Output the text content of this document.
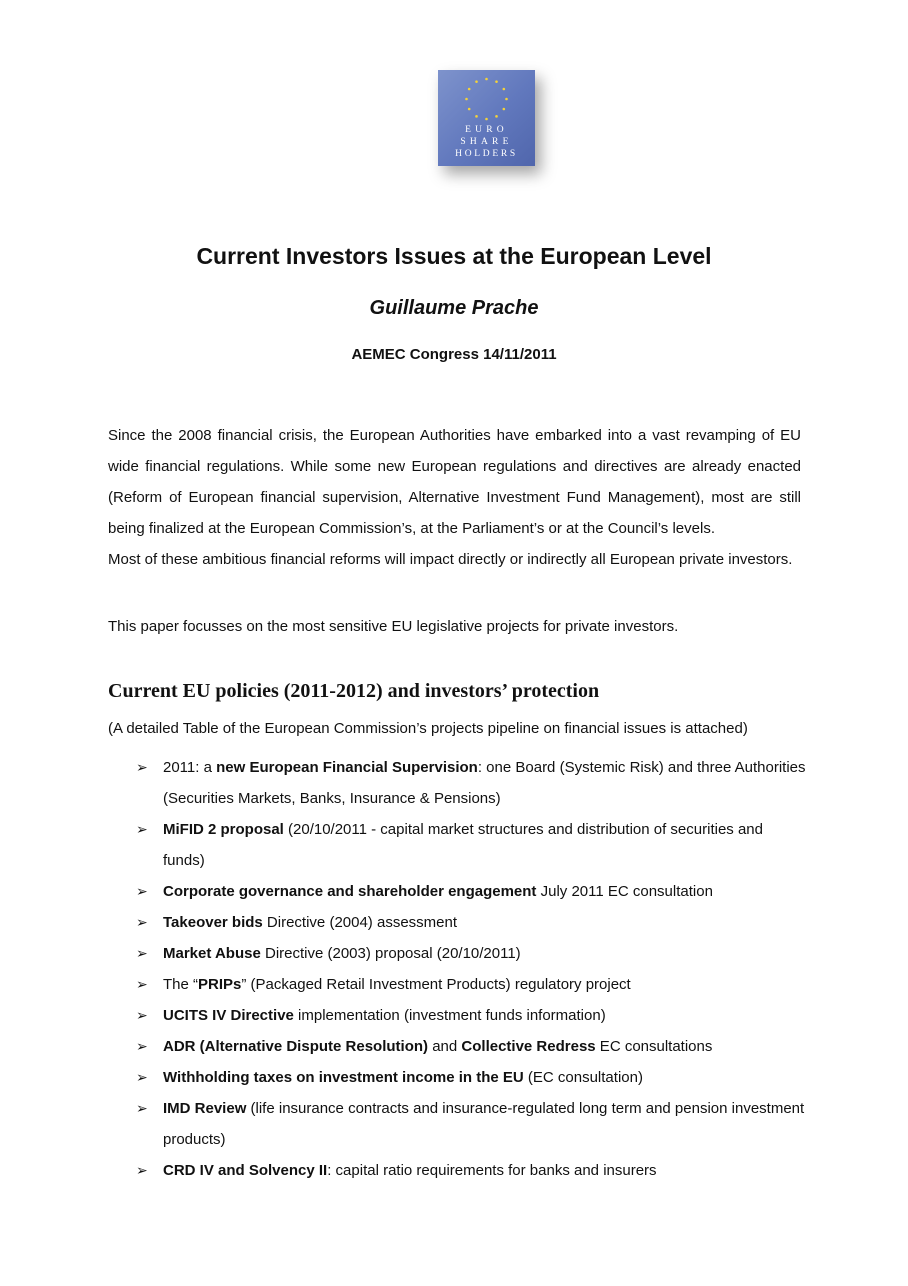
EURO
SHARE
HOLDERS
Current Investors Issues at the European Level
Guillaume Prache
AEMEC Congress 14/11/2011

Since the 2008 financial crisis, the European Authorities have embarked into a vast revamping of EU wide financial regulations. While some new European regulations and directives are already enacted (Reform of European financial supervision, Alternative Investment Fund Management), most are still being finalized at the European Commission’s, at the Parliament’s or at the Council’s levels.

Most of these ambitious financial reforms will impact directly or indirectly all European private investors.

This paper focusses on the most sensitive EU legislative projects for private investors.

Current EU policies (2011-2012) and investors’ protection

(A detailed Table of the European Commission’s projects pipeline on financial issues is attached)

➢ 2011: a new European Financial Supervision: one Board (Systemic Risk) and three Authorities (Securities Markets, Banks, Insurance & Pensions)
➢ MiFID 2 proposal (20/10/2011 - capital market structures and distribution of securities and funds)
➢ Corporate governance and shareholder engagement July 2011 EC consultation
➢ Takeover bids Directive (2004) assessment
➢ Market Abuse Directive (2003) proposal (20/10/2011)
➢ The “PRIPs” (Packaged Retail Investment Products) regulatory project
➢ UCITS IV Directive implementation (investment funds information)
➢ ADR (Alternative Dispute Resolution) and Collective Redress EC consultations
➢ Withholding taxes on investment income in the EU (EC consultation)
➢ IMD Review (life insurance contracts and insurance-regulated long term and pension investment products)
➢ CRD IV and Solvency II: capital ratio requirements for banks and insurers
